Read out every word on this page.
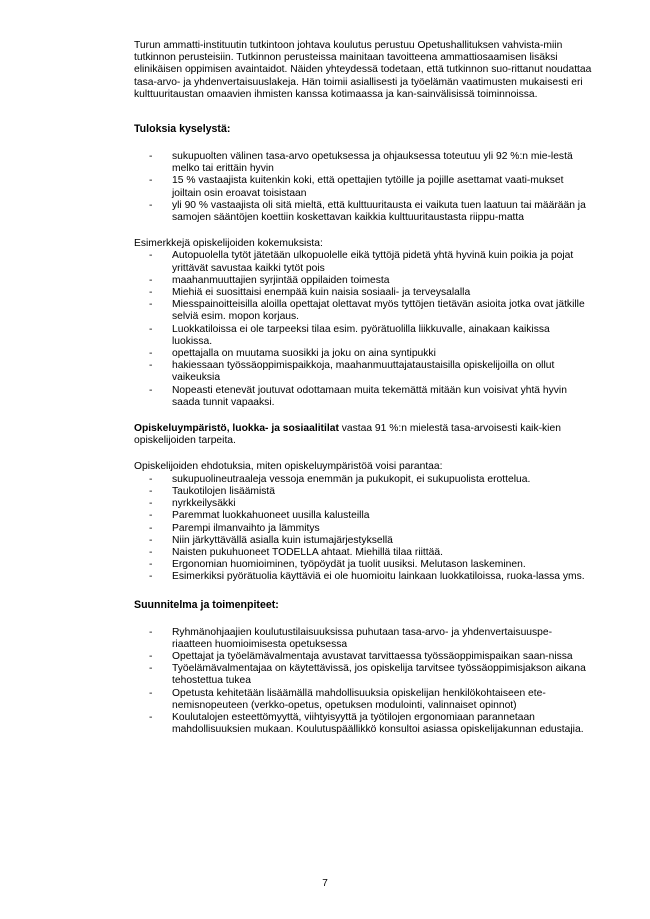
Turun ammatti-instituutin tutkintoon johtava koulutus perustuu Opetushallituksen vahvista-miin tutkinnon perusteisiin. Tutkinnon perusteissa mainitaan tavoitteena ammattiosaamisen lisäksi elinikäisen oppimisen avaintaidot. Näiden yhteydessä todetaan, että tutkinnon suo-rittanut noudattaa tasa-arvo- ja yhdenvertaisuuslakeja. Hän toimii asiallisesti ja työelämän vaatimusten mukaisesti eri kulttuuritaustan omaavien ihmisten kanssa kotimaassa ja kan-sainvälisissä toiminnoissa.

Tuloksia kyselystä:
- sukupuolten välinen tasa-arvo opetuksessa ja ohjauksessa toteutuu yli 92 %:n mie-lestä melko tai erittäin hyvin
- 15 % vastaajista kuitenkin koki, että opettajien tytöille ja pojille asettamat vaati-mukset joiltain osin eroavat toisistaan
- yli 90 % vastaajista oli sitä mieltä, että kulttuuritausta ei vaikuta tuen laatuun tai määrään ja samojen sääntöjen koettiin koskettavan kaikkia kulttuuritaustasta riippu-matta

Esimerkkejä opiskelijoiden kokemuksista:

- Autopuolella tytöt jätetään ulkopuolelle eikä tyttöjä pidetä yhtä hyvinä kuin poikia ja pojat yrittävät savustaa kaikki tytöt pois
- maahanmuuttajien syrjintää oppilaiden toimesta
- Miehiä ei suosittaisi enempää kuin naisia sosiaali- ja terveysalalla
- Miesspainoitteisilla aloilla opettajat olettavat myös tyttöjen tietävän asioita jotka ovat jätkille selviä esim. mopon korjaus.
- Luokkatiloissa ei ole tarpeeksi tilaa esim. pyörätuolilla liikkuvalle, ainakaan kaikissa luokissa.
- opettajalla on muutama suosikki ja joku on aina syntipukki
- hakiessaan työssäoppimispaikkoja, maahanmuuttajataustaisilla opiskelijoilla on ollut vaikeuksia
- Nopeasti etenevät joutuvat odottamaan muita tekemättä mitään kun voisivat yhtä hyvin saada tunnit vapaaksi.

Opiskeluympäristö, luokka- ja sosiaalitilat vastaa 91 %:n mielestä tasa-arvoisesti kaik-kien opiskelijoiden tarpeita.

Opiskelijoiden ehdotuksia, miten opiskeluympäristöä voisi parantaa:

- sukupuolineutraaleja vessoja enemmän ja pukukopit, ei sukupuolista erottelua.
- Taukotilojen lisäämistä
- nyrkkeilysäkki
- Paremmat luokkahuoneet uusilla kalusteilla
- Parempi ilmanvaihto ja lämmitys
- Niin järkyttävällä asialla kuin istumajärjestyksellä
- Naisten pukuhuoneet TODELLA ahtaat. Miehillä tilaa riittää.
- Ergonomian huomioiminen, työpöydät ja tuolit uusiksi. Melutason laskeminen.
- Esimerkiksi pyörätuolia käyttäviä ei ole huomioitu lainkaan luokkatiloissa, ruoka-lassa yms.
Suunnitelma ja toimenpiteet:
- Ryhmänohjaajien koulutustilaisuuksissa puhutaan tasa-arvo- ja yhdenvertaisuuspe-riaatteen huomioimisesta opetuksessa
- Opettajat ja työelämävalmentaja avustavat tarvittaessa työssäoppimispaikan saan-nissa
- Työelämävalmentajaa on käytettävissä, jos opiskelija tarvitsee työssäoppimisjakson aikana tehostettua tukea
- Opetusta kehitetään lisäämällä mahdollisuuksia opiskelijan henkilökohtaiseen ete-nemisnopeuteen (verkko-opetus, opetuksen modulointi, valinnaiset opinnot)
- Koulutalojen esteettömyyttä, viihtyisyyttä ja työtilojen ergonomiaan parannetaan mahdollisuuksien mukaan. Koulutuspäällikkö konsultoi asiassa opiskelijakunnan edustajia.
7
